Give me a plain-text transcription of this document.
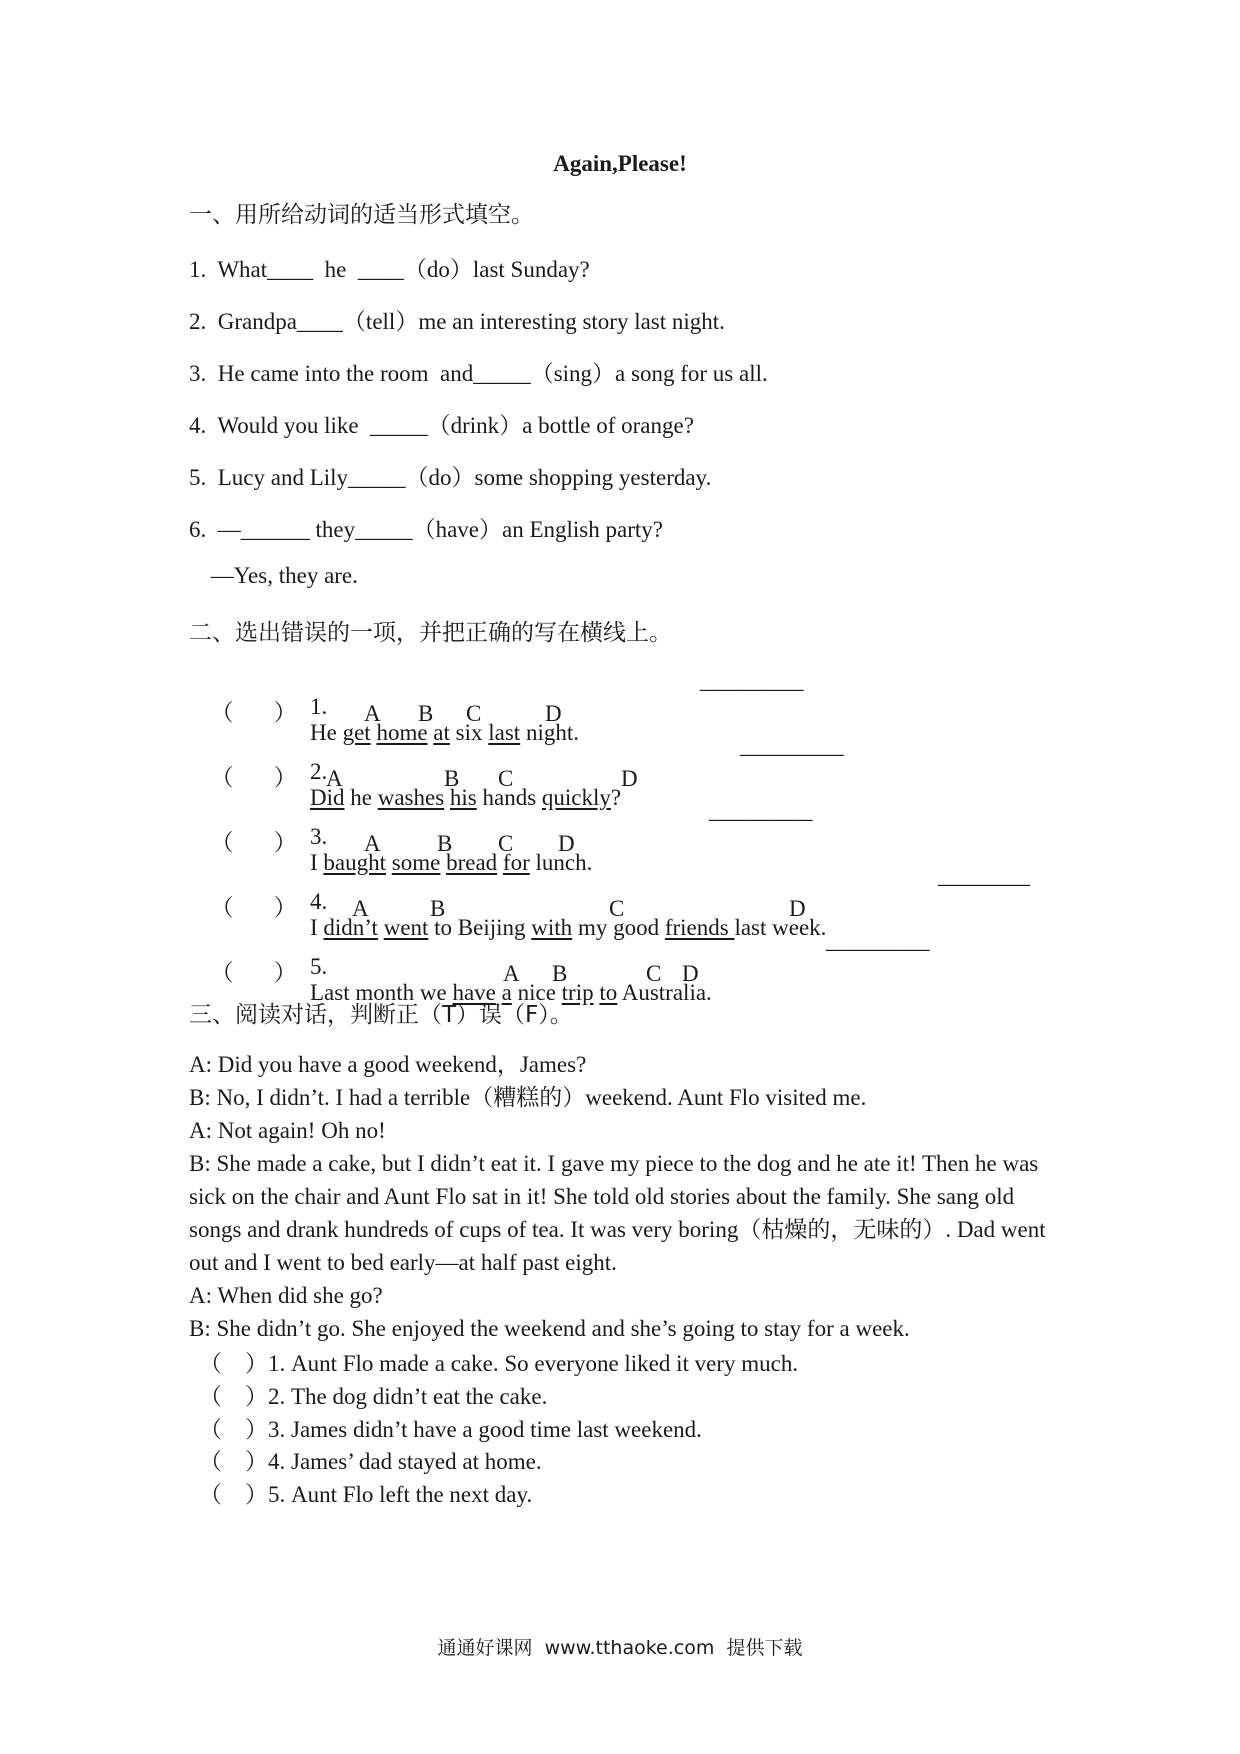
Again,Please!
一、用所给动词的适当形式填空。
1.  What____  he  ____（do）last Sunday?
2.  Grandpa____（tell）me an interesting story last night.
3.  He came into the room  and_____（sing）a song for us all.
4.  Would you like  _____（drink）a bottle of orange?
5.  Lucy and Lily_____（do）some shopping yesterday.
6.  —______ they_____（have）an English party?
—Yes, they are.
二、选出错误的一项，并把正确的写在横线上。

（       ）
1.
He get home at six last night.

_________
A B C	D

（       ）
2.
Did he washes his hands quickly?

_________
A	B C	D

（       ）
3.
I baught some bread for lunch.

_________
A B C D

（       ）
4.
I didn’t went to Beijing with my good friends last week.

________
A	B	C	D

（       ）
5.
Last month we have a nice trip to Australia.

_________
A B	C D
三、阅读对话，判断正（T）误（F）。

A: Did you have a good weekend，James?

B: No, I didn’t. I had a terrible（糟糕的）weekend. Aunt Flo visited me.

A: Not again! Oh no!

B: She made a cake, but I didn’t eat it. I gave my piece to the dog and he ate it! Then he was sick on the chair and Aunt Flo sat in it! She told old stories about the family. She sang old songs and drank hundreds of cups of tea. It was very boring（枯燥的，无味的）. Dad went out and I went to bed early—at half past eight.

A: When did she go?

B: She didn’t go. She enjoyed the weekend and she’s going to stay for a week.

（    ）1. Aunt Flo made a cake. So everyone liked it very much.
（    ）2. The dog didn’t eat the cake.
（    ）3. James didn’t have a good time last weekend.
（    ）4. James’ dad stayed at home.
（    ）5. Aunt Flo left the next day.
通通好课网  www.tthaoke.com  提供下载
